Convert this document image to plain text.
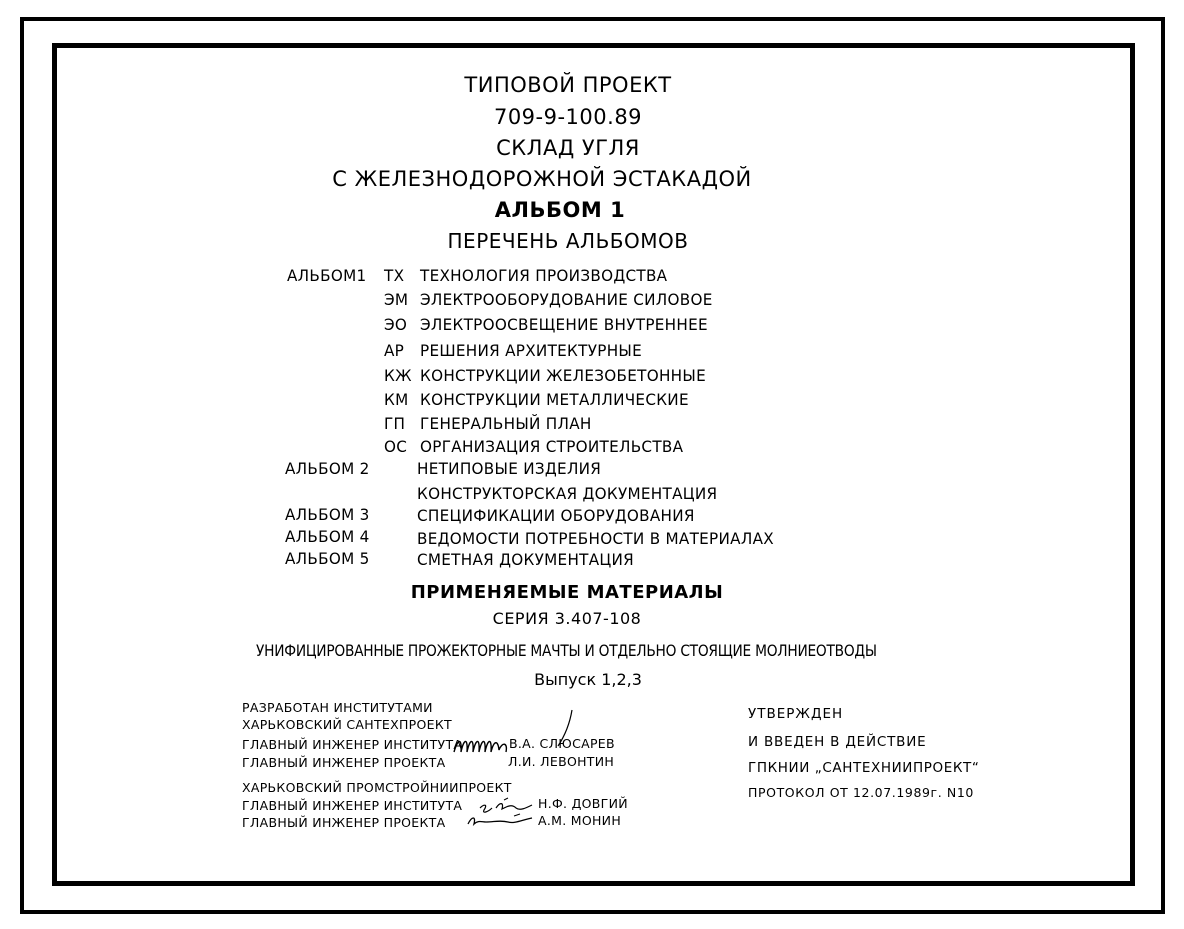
ТИПОВОЙ ПРОЕКТ
709-9-100.89
СКЛАД УГЛЯ
С ЖЕЛЕЗНОДОРОЖНОЙ ЭСТАКАДОЙ
АЛЬБОМ 1
ПЕРЕЧЕНЬ АЛЬБОМОВ
АЛЬБОМ1 ТХ ТЕХНОЛОГИЯ ПРОИЗВОДСТВА
ЭМ ЭЛЕКТРООБОРУДОВАНИЕ СИЛОВОЕ
ЭО ЭЛЕКТРООСВЕЩЕНИЕ ВНУТРЕННЕЕ
АР РЕШЕНИЯ АРХИТЕКТУРНЫЕ
КЖ КОНСТРУКЦИИ ЖЕЛЕЗОБЕТОННЫЕ
КМ КОНСТРУКЦИИ МЕТАЛЛИЧЕСКИЕ
ГП ГЕНЕРАЛЬНЫЙ ПЛАН
ОС ОРГАНИЗАЦИЯ СТРОИТЕЛЬСТВА
АЛЬБОМ 2	НЕТИПОВЫЕ ИЗДЕЛИЯ
КОНСТРУКТОРСКАЯ ДОКУМЕНТАЦИЯ
АЛЬБОМ 3	СПЕЦИФИКАЦИИ ОБОРУДОВАНИЯ
АЛЬБОМ 4	ВЕДОМОСТИ ПОТРЕБНОСТИ В МАТЕРИАЛАХ
АЛЬБОМ 5	СМЕТНАЯ ДОКУМЕНТАЦИЯ
ПРИМЕНЯЕМЫЕ МАТЕРИАЛЫ
СЕРИЯ 3.407-108
УНИФИЦИРОВАННЫЕ ПРОЖЕКТОРНЫЕ МАЧТЫ И ОТДЕЛЬНО СТОЯЩИЕ МОЛНИЕОТВОДЫ
Выпуск 1,2,3
РАЗРАБОТАН ИНСТИТУТАМИ
ХАРЬКОВСКИЙ САНТЕХПРОЕКТ
ГЛАВНЫЙ ИНЖЕНЕР ИНСТИТУТА	В.А. СЛЮСАРЕВ
ГЛАВНЫЙ ИНЖЕНЕР ПРОЕКТА	Л.И. ЛЕВОНТИН
ХАРЬКОВСКИЙ ПРОМСТРОЙНИИПРОЕКТ
ГЛАВНЫЙ ИНЖЕНЕР ИНСТИТУТА	Н.Ф. ДОВГИЙ
ГЛАВНЫЙ ИНЖЕНЕР ПРОЕКТА	А.М. МОНИН
УТВЕРЖДЕН
И ВВЕДЕН В ДЕЙСТВИЕ
ГПКНИИ „САНТЕХНИИПРОЕКТ“
ПРОТОКОЛ ОТ 12.07.1989г. N10
